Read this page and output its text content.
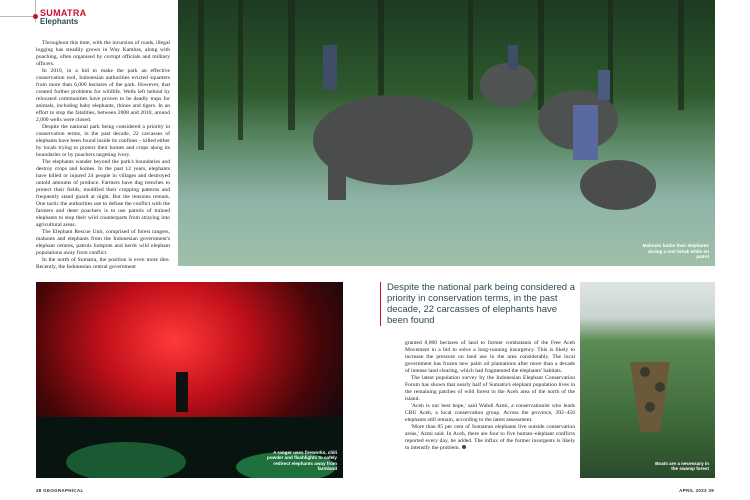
SUMATRA
Elephants

Throughout this time, with the incursion of roads, illegal logging has steadily grown in Way Kambas, along with poaching, often organised by corrupt officials and military officers.

In 2010, in a bid to make the park an effective conservation tool, Indonesian authorities evicted squatters from more than 6,000 hectares of the park. However, that created further problems for wildlife. Wells left behind by relocated communities have proven to be deadly traps for animals, including baby elephants, rhinos and tigers. In an effort to stop the fatalities, between 2008 and 2010, around 2,000 wells were closed.

Despite the national park being considered a priority in conservation terms, in the past decade, 22 carcasses of elephants have been found inside its confines – killed either by locals trying to protect their homes and crops along its boundaries or by poachers targeting ivory.

The elephants wander beyond the park's boundaries and destroy crops and homes. In the past 12 years, elephants have killed or injured 24 people in villages and destroyed untold amounts of produce. Farmers have dug trenches to protect their fields, modified their cropping patterns and frequently stand guard at night. But the tensions remain. One tactic the authorities use to defuse the conflict with the farmers and deter poachers is to use patrols of trained elephants to stop their wild counterparts from straying into agricultural areas.

The Elephant Rescue Unit, comprised of forest rangers, mahouts and elephants from the Indonesian government's elephant centres, patrols hotspots and herds wild elephant populations away from conflict.

In the north of Sumatra, the position is even more dire. Recently, the Indonesian central government

Mahouts bathe their elephants during a rest break while on patrol
A ranger uses fireworks, chili powder and flashlights to safely redirect elephants away from farmland
Despite the national park being considered a priority in conservation terms, in the past decade, 22 carcasses of elephants have been found

granted 8,000 hectares of land to former combatants of the Free Aceh Movement in a bid to solve a long-running insurgency. This is likely to increase the pressure on land use in the area considerably. The local government has frozen new palm oil plantations after more than a decade of intense land clearing, which had fragmented the elephants' habitats.

The latest population survey by the Indonesian Elephant Conservation Forum has shown that nearly half of Sumatra's elephant population lives in the remaining patches of wild forest in the Aceh area of the north of the island.

'Aceh is our best hope,' said Wahdi Azmi, a conservationist who leads CRU Aceh, a local conservation group. Across the province, 392–456 elephants still remain, according to the latest assessment.

'More than 85 per cent of Sumatran elephants live outside conservation areas,' Azmi said. In Aceh, there are four to five human–elephant conflicts reported every day, he added. The influx of the former insurgents is likely to intensify the problem.

Boats are a necessary in the swamp forest
38 GEOGRAPHICAL	APRIL 2023 39
